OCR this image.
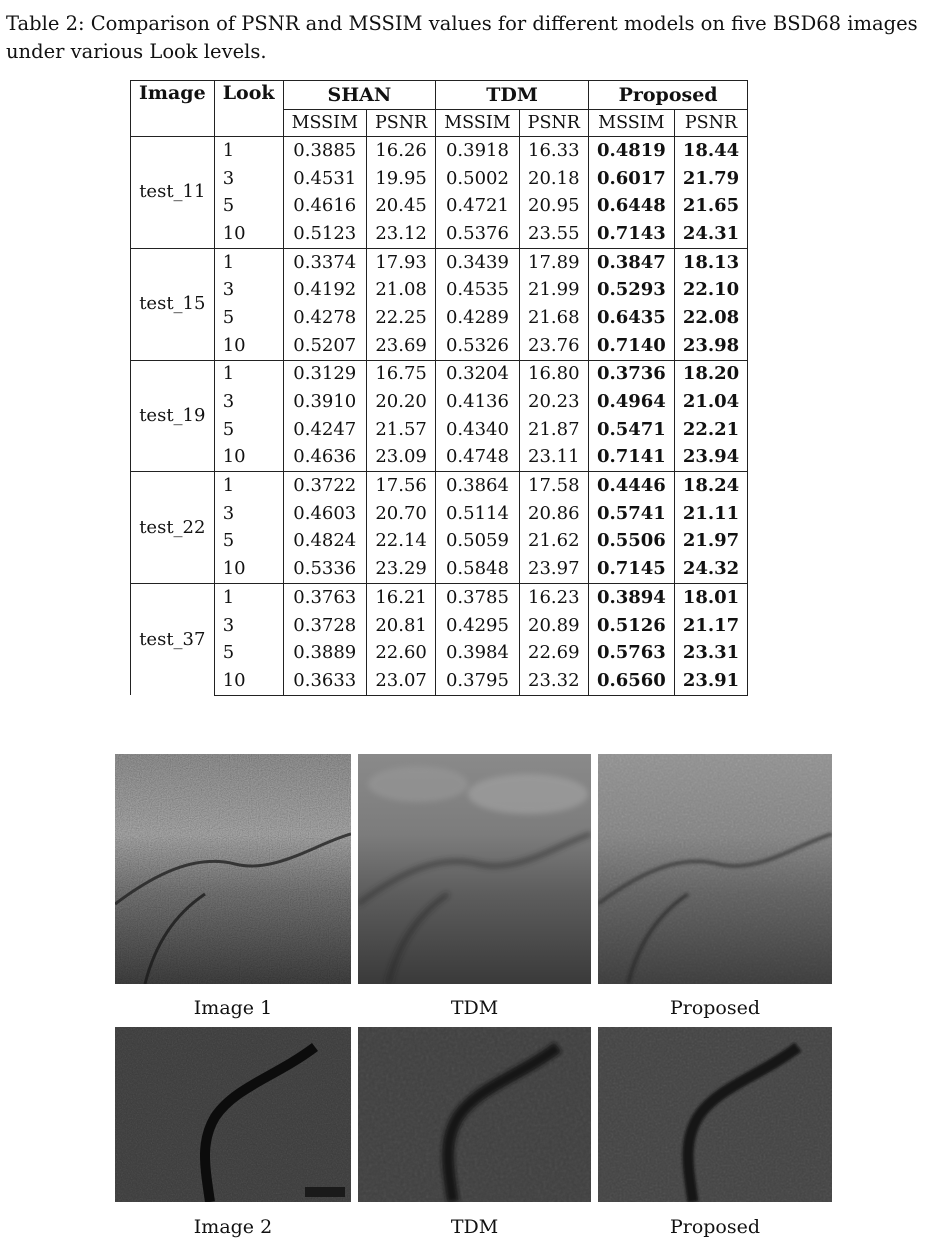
Table 2: Comparison of PSNR and MSSIM values for different models on five BSD68 images under various Look levels.

Image	Look	SHAN		TDM		Proposed	
		MSSIM	PSNR	MSSIM	PSNR	MSSIM	PSNR
test_11	1	0.3885	16.26	0.3918	16.33	0.4819	18.44
	3	0.4531	19.95	0.5002	20.18	0.6017	21.79
	5	0.4616	20.45	0.4721	20.95	0.6448	21.65
	10	0.5123	23.12	0.5376	23.55	0.7143	24.31
test_15	1	0.3374	17.93	0.3439	17.89	0.3847	18.13
	3	0.4192	21.08	0.4535	21.99	0.5293	22.10
	5	0.4278	22.25	0.4289	21.68	0.6435	22.08
	10	0.5207	23.69	0.5326	23.76	0.7140	23.98
test_19	1	0.3129	16.75	0.3204	16.80	0.3736	18.20
	3	0.3910	20.20	0.4136	20.23	0.4964	21.04
	5	0.4247	21.57	0.4340	21.87	0.5471	22.21
	10	0.4636	23.09	0.4748	23.11	0.7141	23.94
test_22	1	0.3722	17.56	0.3864	17.58	0.4446	18.24
	3	0.4603	20.70	0.5114	20.86	0.5741	21.11
	5	0.4824	22.14	0.5059	21.62	0.5506	21.97
	10	0.5336	23.29	0.5848	23.97	0.7145	24.32
test_37	1	0.3763	16.21	0.3785	16.23	0.3894	18.01
	3	0.3728	20.81	0.4295	20.89	0.5126	21.17
	5	0.3889	22.60	0.3984	22.69	0.5763	23.31
	10	0.3633	23.07	0.3795	23.32	0.6560	23.91
Image 1	TDM	Proposed
Image 2	TDM	Proposed
